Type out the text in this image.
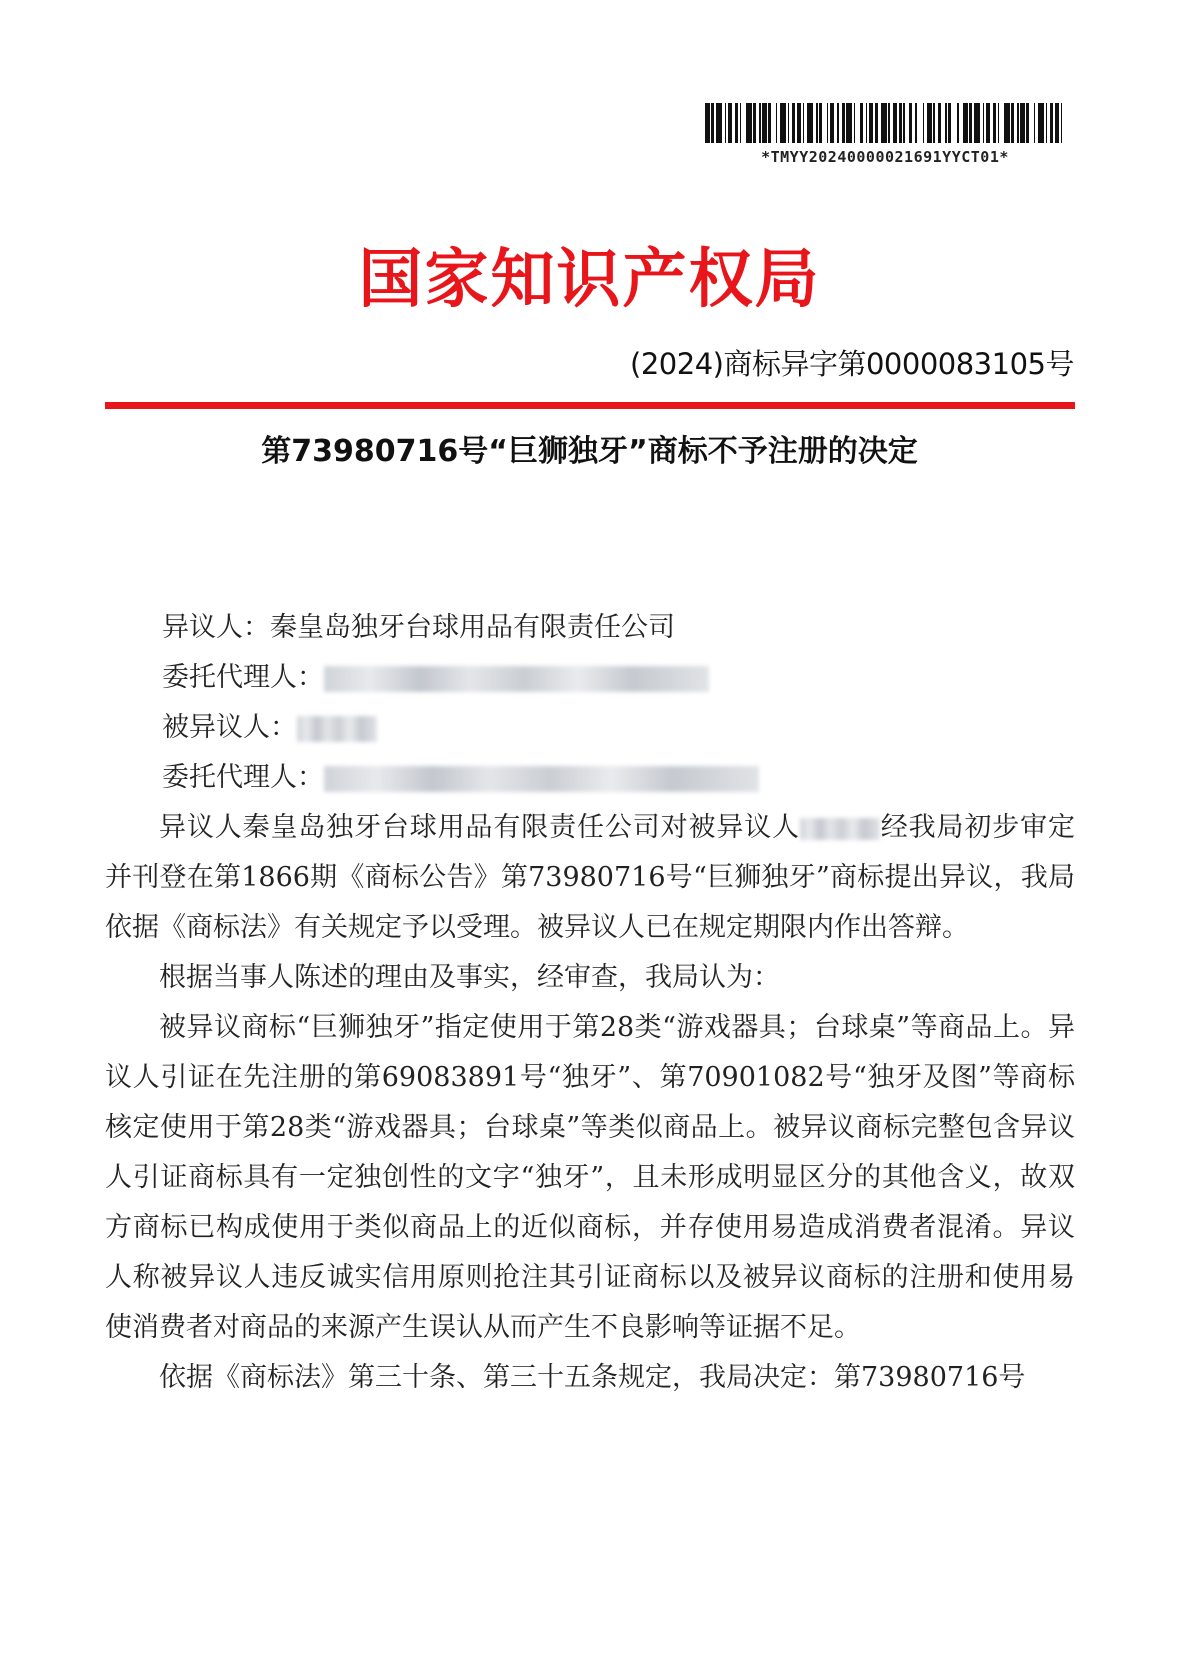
*TMYY20240000021691YYCT01*
国家知识产权局
(2024)商标异字第0000083105号
第73980716号“巨狮独牙”商标不予注册的决定
异议人：秦皇岛独牙台球用品有限责任公司
委托代理人：
被异议人：
委托代理人：

异议人秦皇岛独牙台球用品有限责任公司对被异议人	经我局初步审定并刊登在第1866期《商标公告》第73980716号“巨狮独牙”商标提出异议，我局依据《商标法》有关规定予以受理。被异议人已在规定期限内作出答辩。

根据当事人陈述的理由及事实，经审查，我局认为：

被异议商标“巨狮独牙”指定使用于第28类“游戏器具；台球桌”等商品上。异议人引证在先注册的第69083891号“独牙”、第70901082号“独牙及图”等商标核定使用于第28类“游戏器具；台球桌”等类似商品上。被异议商标完整包含异议人引证商标具有一定独创性的文字“独牙”，且未形成明显区分的其他含义，故双方商标已构成使用于类似商品上的近似商标，并存使用易造成消费者混淆。异议人称被异议人违反诚实信用原则抢注其引证商标以及被异议商标的注册和使用易使消费者对商品的来源产生误认从而产生不良影响等证据不足。

依据《商标法》第三十条、第三十五条规定，我局决定：第73980716号
